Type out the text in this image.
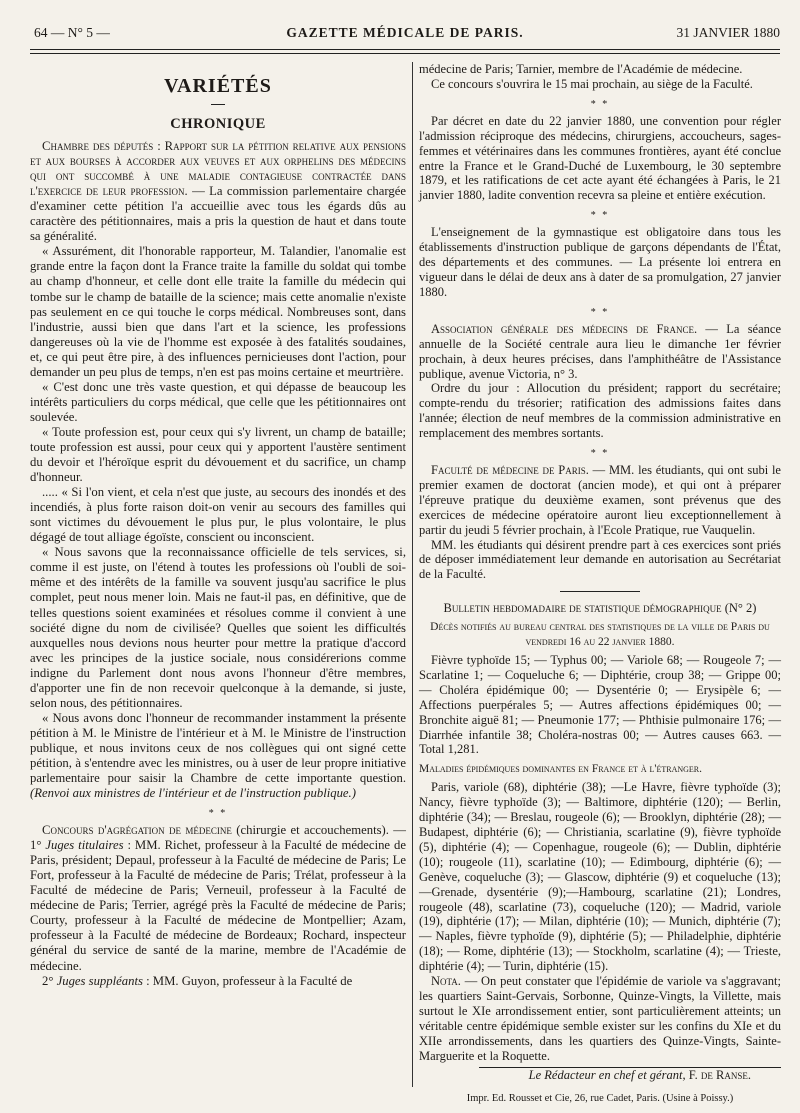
64 — N° 5 —	GAZETTE MÉDICALE DE PARIS.	31 JANVIER 1880
VARIÉTÉS
CHRONIQUE

Chambre des députés : Rapport sur la pétition relative aux pensions et aux bourses à accorder aux veuves et aux orphelins des médecins qui ont succombé à une maladie contagieuse contractée dans l'exercice de leur profession. — La commission parlementaire chargée d'examiner cette pétition l'a accueillie avec tous les égards dûs au caractère des pétitionnaires, mais a pris la question de haut et dans toute sa généralité.

« Assurément, dit l'honorable rapporteur, M. Talandier, l'anomalie est grande entre la façon dont la France traite la famille du soldat qui tombe au champ d'honneur, et celle dont elle traite la famille du médecin qui tombe sur le champ de bataille de la science; mais cette anomalie n'existe pas seulement en ce qui touche le corps médical. Nombreuses sont, dans l'industrie, aussi bien que dans l'art et la science, les professions dangereuses où la vie de l'homme est exposée à des fatalités soudaines, et, ce qui peut être pire, à des influences pernicieuses dont l'action, pour demander un peu plus de temps, n'en est pas moins certaine et meurtrière.

« C'est donc une très vaste question, et qui dépasse de beaucoup les intérêts particuliers du corps médical, que celle que les pétitionnaires ont soulevée.

« Toute profession est, pour ceux qui s'y livrent, un champ de bataille; toute profession est aussi, pour ceux qui y apportent l'austère sentiment du devoir et l'héroïque esprit du dévouement et du sacrifice, un champ d'honneur.

..... « Si l'on vient, et cela n'est que juste, au secours des inondés et des incendiés, à plus forte raison doit-on venir au secours des familles qui sont victimes du dévouement le plus pur, le plus volontaire, le plus dégagé de tout alliage égoïste, conscient ou inconscient.

« Nous savons que la reconnaissance officielle de tels services, si, comme il est juste, on l'étend à toutes les professions où l'oubli de soi-même et des intérêts de la famille va souvent jusqu'au sacrifice le plus complet, peut nous mener loin. Mais ne faut-il pas, en définitive, que de telles questions soient examinées et résolues comme il convient à une société digne du nom de civilisée? Quelles que soient les difficultés auxquelles nous devions nous heurter pour mettre la pratique d'accord avec les principes de la justice sociale, nous considérerions comme indigne du Parlement dont nous avons l'honneur d'être membres, d'apporter une fin de non recevoir quelconque à la demande, si juste, selon nous, des pétitionnaires.

« Nous avons donc l'honneur de recommander instamment la présente pétition à M. le Ministre de l'intérieur et à M. le Ministre de l'instruction publique, et nous invitons ceux de nos collègues qui ont signé cette pétition, à s'entendre avec les ministres, ou à user de leur propre initiative parlementaire pour saisir la Chambre de cette importante question. (Renvoi aux ministres de l'intérieur et de l'instruction publique.)

* *

Concours d'agrégation de médecine (chirurgie et accouchements). — 1° Juges titulaires : MM. Richet, professeur à la Faculté de médecine de Paris, président; Depaul, professeur à la Faculté de médecine de Paris; Le Fort, professeur à la Faculté de médecine de Paris; Trélat, professeur à la Faculté de médecine de Paris; Verneuil, professeur à la Faculté de médecine de Paris; Terrier, agrégé près la Faculté de médecine de Paris; Courty, professeur à la Faculté de médecine de Montpellier; Azam, professeur à la Faculté de médecine de Bordeaux; Rochard, inspecteur général du service de santé de la marine, membre de l'Académie de médecine.

2° Juges suppléants : MM. Guyon, professeur à la Faculté de

médecine de Paris; Tarnier, membre de l'Académie de médecine.

Ce concours s'ouvrira le 15 mai prochain, au siège de la Faculté.

* *

Par décret en date du 22 janvier 1880, une convention pour régler l'admission réciproque des médecins, chirurgiens, accoucheurs, sages-femmes et vétérinaires dans les communes frontières, ayant été conclue entre la France et le Grand-Duché de Luxembourg, le 30 septembre 1879, et les ratifications de cet acte ayant été échangées à Paris, le 21 janvier 1880, ladite convention recevra sa pleine et entière exécution.

* *

L'enseignement de la gymnastique est obligatoire dans tous les établissements d'instruction publique de garçons dépendants de l'État, des départements et des communes. — La présente loi entrera en vigueur dans le délai de deux ans à dater de sa promulgation, 27 janvier 1880.

* *

Association générale des médecins de France. — La séance annuelle de la Société centrale aura lieu le dimanche 1er février prochain, à deux heures précises, dans l'amphithéâtre de l'Assistance publique, avenue Victoria, n° 3.

Ordre du jour : Allocution du président; rapport du secrétaire; compte-rendu du trésorier; ratification des admissions faites dans l'année; élection de neuf membres de la commission administrative en remplacement des membres sortants.

* *

Faculté de médecine de Paris. — MM. les étudiants, qui ont subi le premier examen de doctorat (ancien mode), et qui ont à préparer l'épreuve pratique du deuxième examen, sont prévenus que des exercices de médecine opératoire auront lieu exceptionnellement à partir du jeudi 5 février prochain, à l'Ecole Pratique, rue Vauquelin.

MM. les étudiants qui désirent prendre part à ces exercices sont priés de déposer immédiatement leur demande en autorisation au Secrétariat de la Faculté.

Bulletin hebdomadaire de statistique démographique (N° 2)
Décès notifiés au bureau central des statistiques de la ville de Paris du vendredi 16 au 22 janvier 1880.

Fièvre typhoïde 15; — Typhus 00; — Variole 68; — Rougeole 7; — Scarlatine 1; — Coqueluche 6; — Diphtérie, croup 38; — Grippe 00; — Choléra épidémique 00; — Dysentérie 0; — Erysipèle 6; — Affections puerpérales 5; — Autres affections épidémiques 00; — Bronchite aiguë 81; — Pneumonie 177; — Phthisie pulmonaire 176; — Diarrhée infantile 38; Choléra-nostras 00; — Autres causes 663. — Total 1,281.

Maladies épidémiques dominantes en France et à l'étranger.

Paris, variole (68), diphtérie (38); —Le Havre, fièvre typhoïde (3); Nancy, fièvre typhoïde (3); — Baltimore, diphtérie (120); — Berlin, diphtérie (34); — Breslau, rougeole (6); — Brooklyn, diphtérie (28); — Budapest, diphtérie (6); — Christiania, scarlatine (9), fièvre typhoïde (5), diphtérie (4); — Copenhague, rougeole (6); — Dublin, diphtérie (10); rougeole (11), scarlatine (10); — Edimbourg, diphtérie (6); — Genève, coqueluche (3); — Glascow, diphtérie (9) et coqueluche (13);—Grenade, dysentérie (9);—Hambourg, scarlatine (21); Londres, rougeole (48), scarlatine (73), coqueluche (120); — Madrid, variole (19), diphtérie (17); — Milan, diphtérie (10); — Munich, diphtérie (7); — Naples, fièvre typhoïde (9), diphtérie (5); — Philadelphie, diphtérie (18); — Rome, diphtérie (13); — Stockholm, scarlatine (4); — Trieste, diphtérie (4); — Turin, diphtérie (15).

Nota. — On peut constater que l'épidémie de variole va s'aggravant; les quartiers Saint-Gervais, Sorbonne, Quinze-Vingts, la Villette, mais surtout le XIe arrondissement entier, sont particulièrement atteints; un véritable centre épidémique semble exister sur les confins du XIe et du XIIe arrondissements, dans les quartiers des Quinze-Vingts, Sainte-Marguerite et la Roquette.

Le Rédacteur en chef et gérant, F. de Ranse.

Impr. Ed. Rousset et Cie, 26, rue Cadet, Paris. (Usine à Poissy.)
